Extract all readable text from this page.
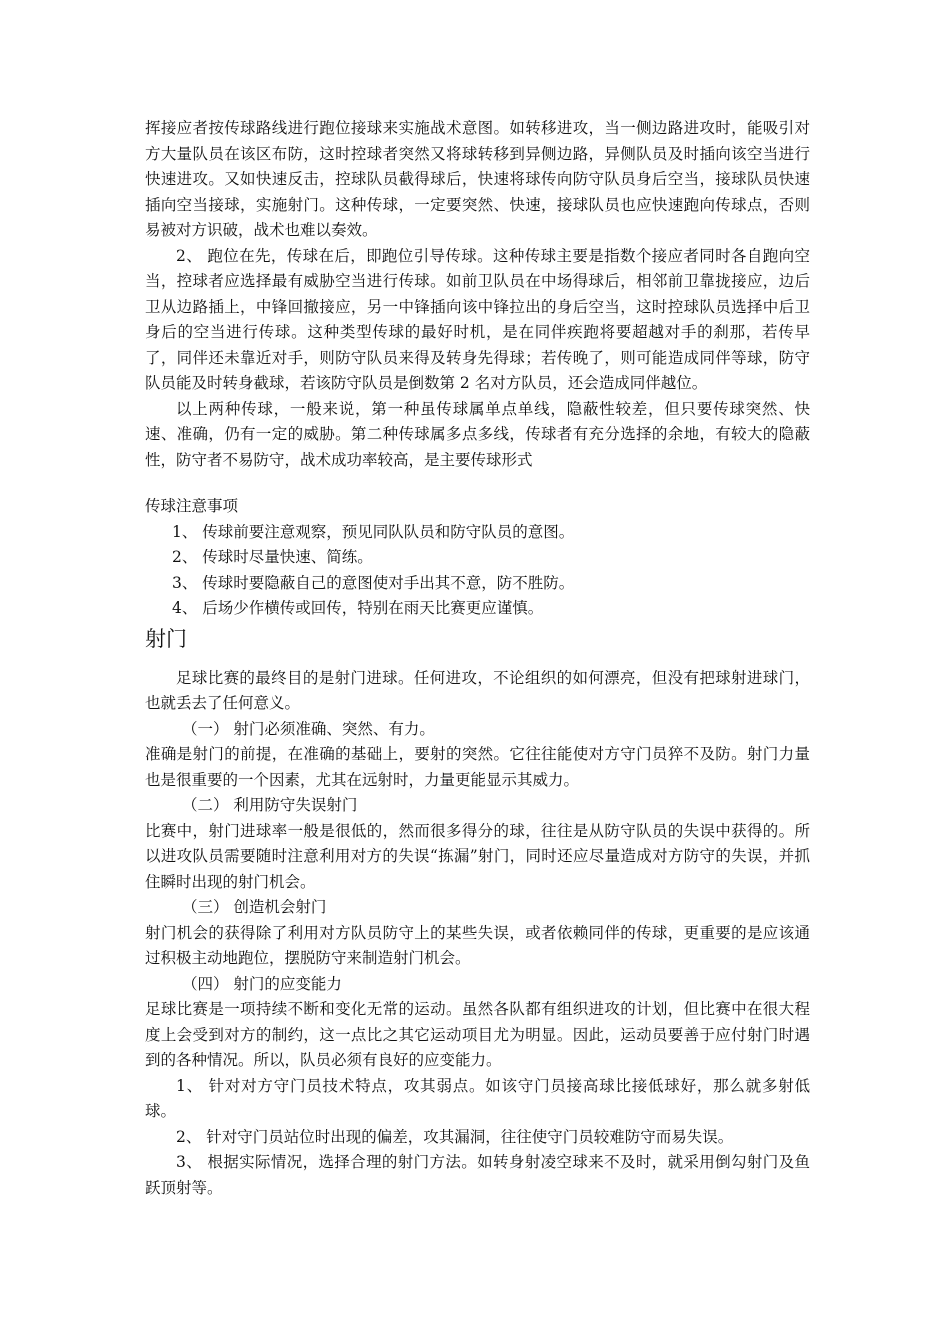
挥接应者按传球路线进行跑位接球来实施战术意图。如转移进攻，当一侧边路进攻时，能吸引对方大量队员在该区布防，这时控球者突然又将球转移到异侧边路，异侧队员及时插向该空当进行快速进攻。又如快速反击，控球队员截得球后，快速将球传向防守队员身后空当，接球队员快速插向空当接球，实施射门。这种传球，一定要突然、快速，接球队员也应快速跑向传球点，否则易被对方识破，战术也难以奏效。

2、 跑位在先，传球在后，即跑位引导传球。这种传球主要是指数个接应者同时各自跑向空当，控球者应选择最有威胁空当进行传球。如前卫队员在中场得球后，相邻前卫靠拢接应，边后卫从边路插上，中锋回撤接应，另一中锋插向该中锋拉出的身后空当，这时控球队员选择中后卫身后的空当进行传球。这种类型传球的最好时机，是在同伴疾跑将要超越对手的刹那，若传早了，同伴还未靠近对手，则防守队员来得及转身先得球；若传晚了，则可能造成同伴等球，防守队员能及时转身截球，若该防守队员是倒数第 2 名对方队员，还会造成同伴越位。

以上两种传球，一般来说，第一种虽传球属单点单线，隐蔽性较差，但只要传球突然、快速、准确，仍有一定的威胁。第二种传球属多点多线，传球者有充分选择的余地，有较大的隐蔽性，防守者不易防守，战术成功率较高，是主要传球形式

传球注意事项

1、 传球前要注意观察，预见同队队员和防守队员的意图。

2、 传球时尽量快速、简练。

3、 传球时要隐蔽自己的意图使对手出其不意，防不胜防。

4、 后场少作横传或回传，特别在雨天比赛更应谨慎。

射门

足球比赛的最终目的是射门进球。任何进攻，不论组织的如何漂亮，但没有把球射进球门，也就丢去了任何意义。

（一） 射门必须准确、突然、有力。

准确是射门的前提，在准确的基础上，要射的突然。它往往能使对方守门员猝不及防。射门力量也是很重要的一个因素，尤其在远射时，力量更能显示其威力。

（二） 利用防守失误射门

比赛中，射门进球率一般是很低的，然而很多得分的球，往往是从防守队员的失误中获得的。所以进攻队员需要随时注意利用对方的失误“拣漏”射门，同时还应尽量造成对方防守的失误，并抓住瞬时出现的射门机会。

（三） 创造机会射门

射门机会的获得除了利用对方队员防守上的某些失误，或者依赖同伴的传球，更重要的是应该通过积极主动地跑位，摆脱防守来制造射门机会。

（四） 射门的应变能力

足球比赛是一项持续不断和变化无常的运动。虽然各队都有组织进攻的计划，但比赛中在很大程度上会受到对方的制约，这一点比之其它运动项目尤为明显。因此，运动员要善于应付射门时遇到的各种情况。所以，队员必须有良好的应变能力。

1、 针对对方守门员技术特点，攻其弱点。如该守门员接高球比接低球好，那么就多射低球。

2、 针对守门员站位时出现的偏差，攻其漏洞，往往使守门员较难防守而易失误。

3、 根据实际情况，选择合理的射门方法。如转身射凌空球来不及时，就采用倒勾射门及鱼跃顶射等。
